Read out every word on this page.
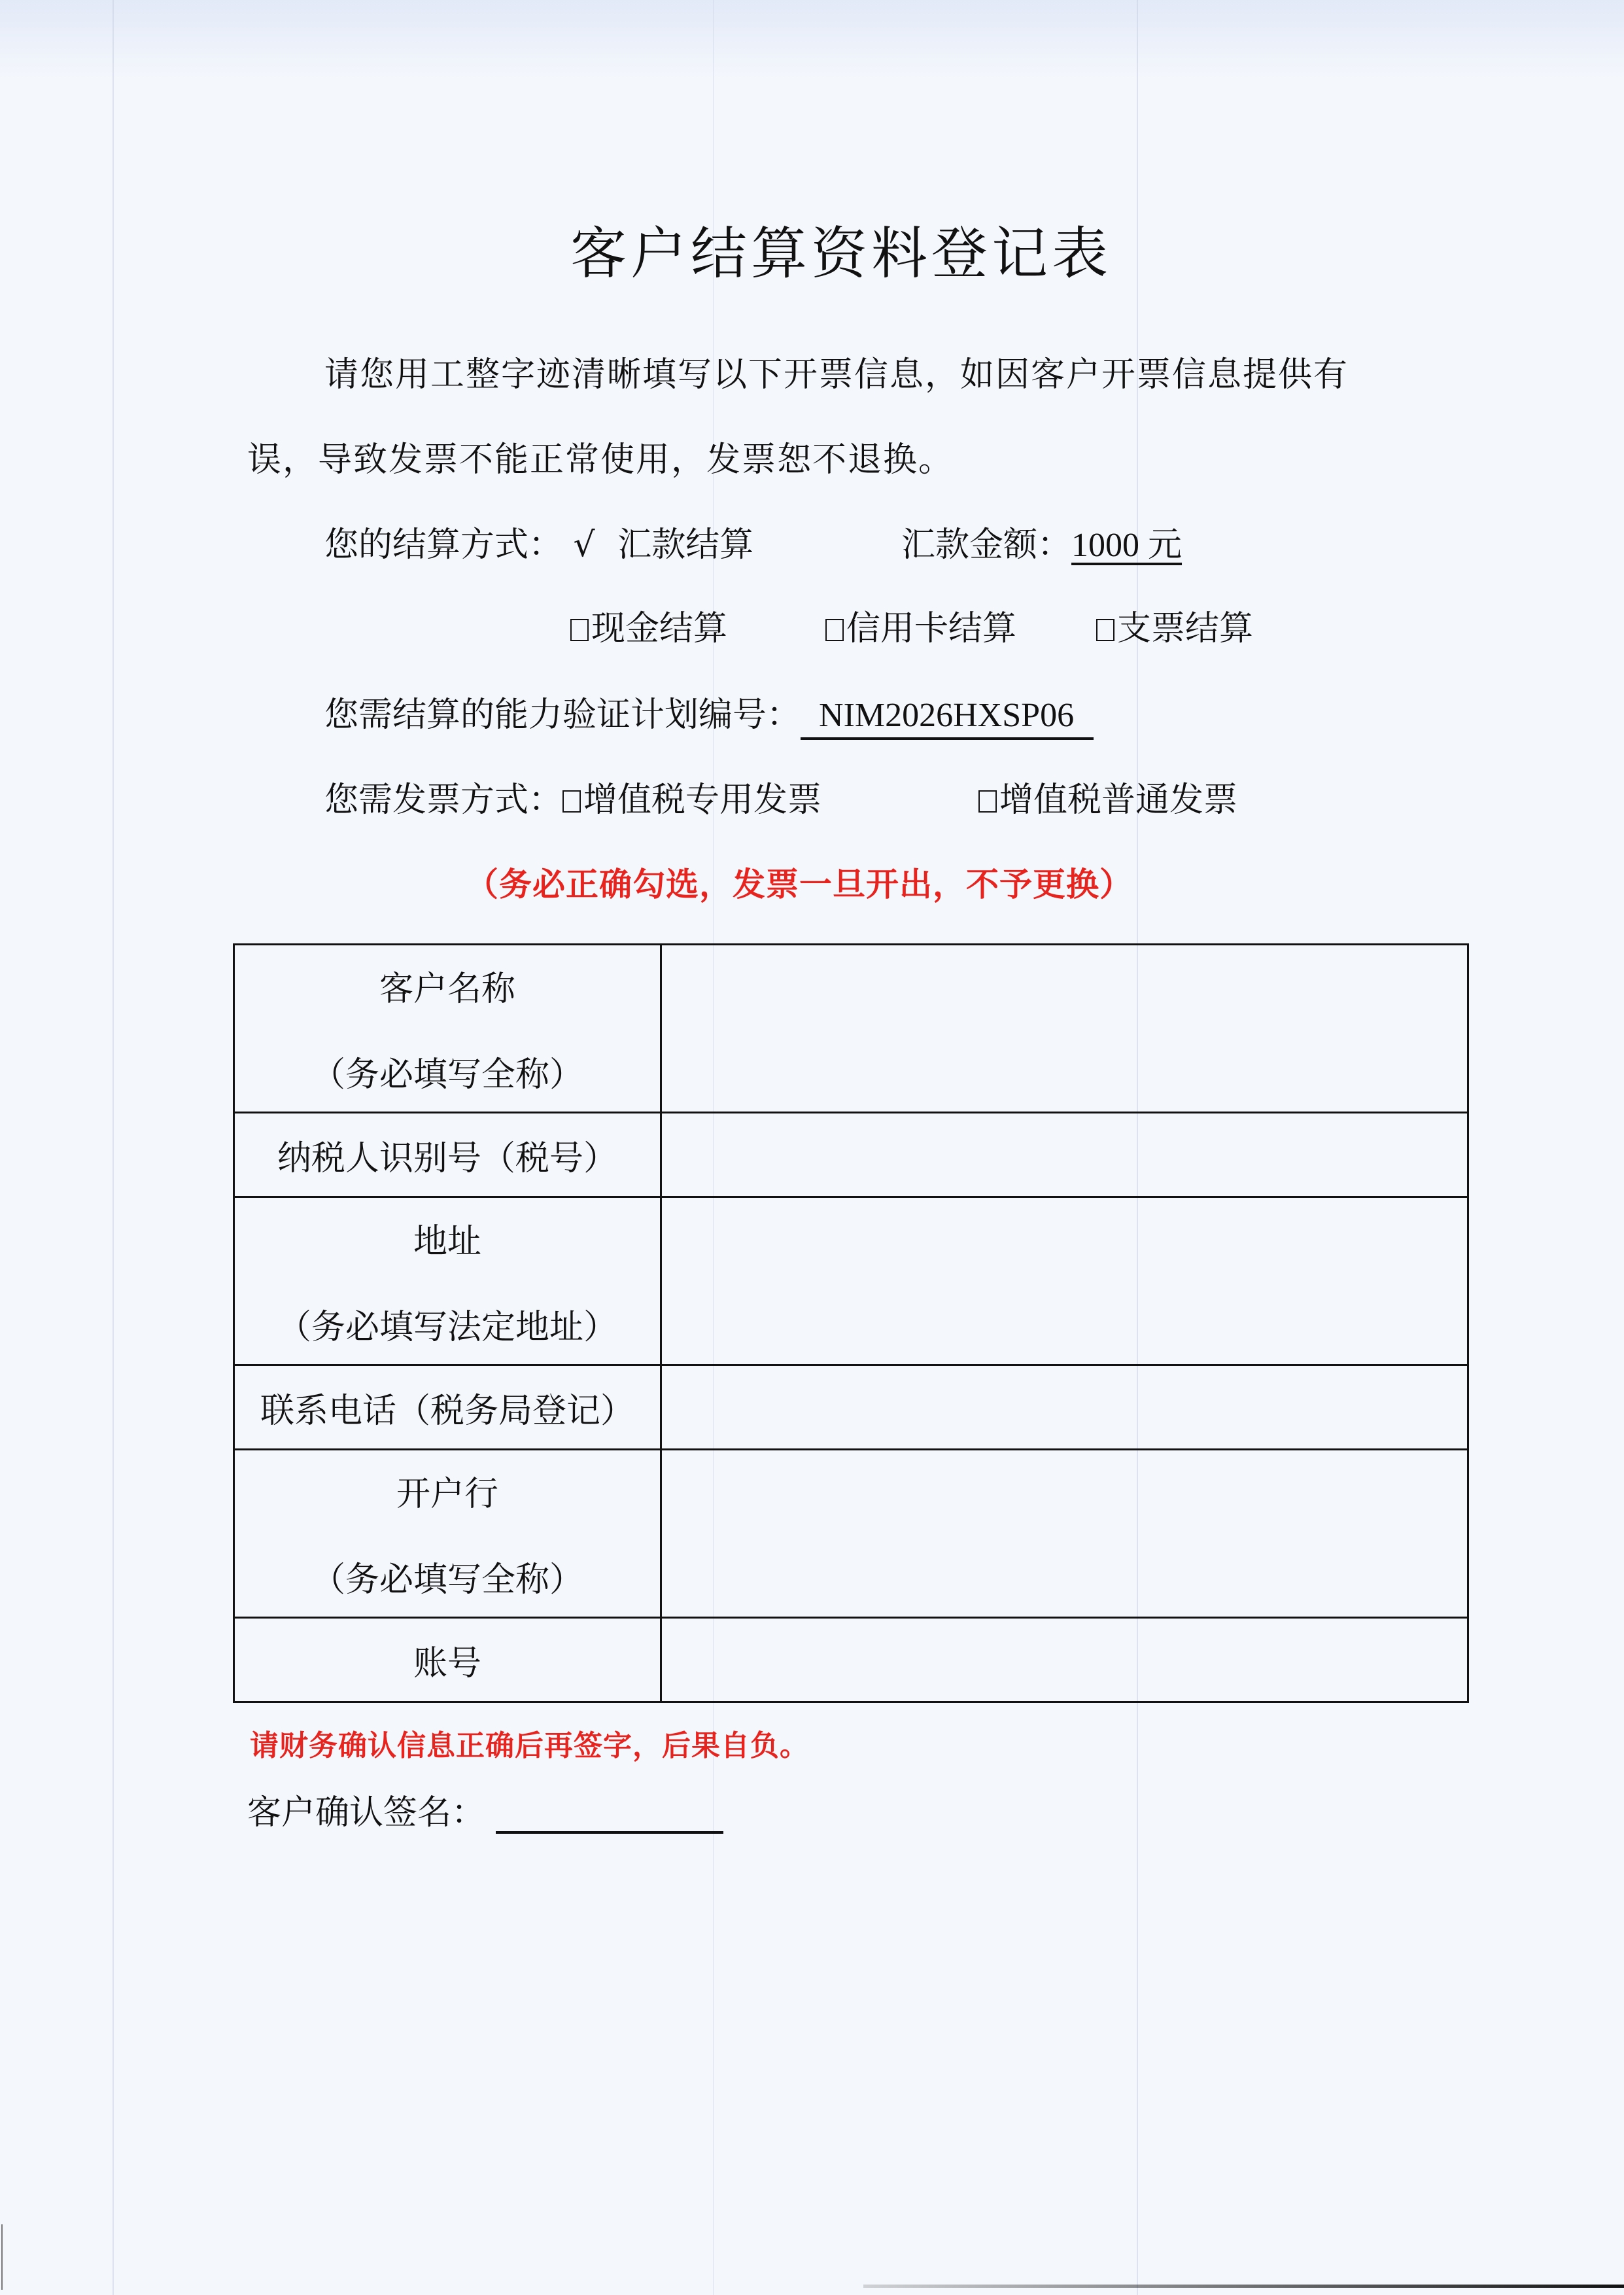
客户结算资料登记表
请您用工整字迹清晰填写以下开票信息，如因客户开票信息提供有
误，导致发票不能正常使用，发票恕不退换。
您的结算方式： √ 汇款结算	汇款金额：1000 元
现金结算	信用卡结算	支票结算
您需结算的能力验证计划编号： NIM2026HXSP06
您需发票方式： 增值税专用发票	增值税普通发票
（务必正确勾选，发票一旦开出，不予更换）
客户名称
（务必填写全称）	

纳税人识别号（税号）	

地址
（务必填写法定地址）	

联系电话（税务局登记）	

开户行
（务必填写全称）	

账号	

请财务确认信息正确后再签字，后果自负。
客户确认签名：
